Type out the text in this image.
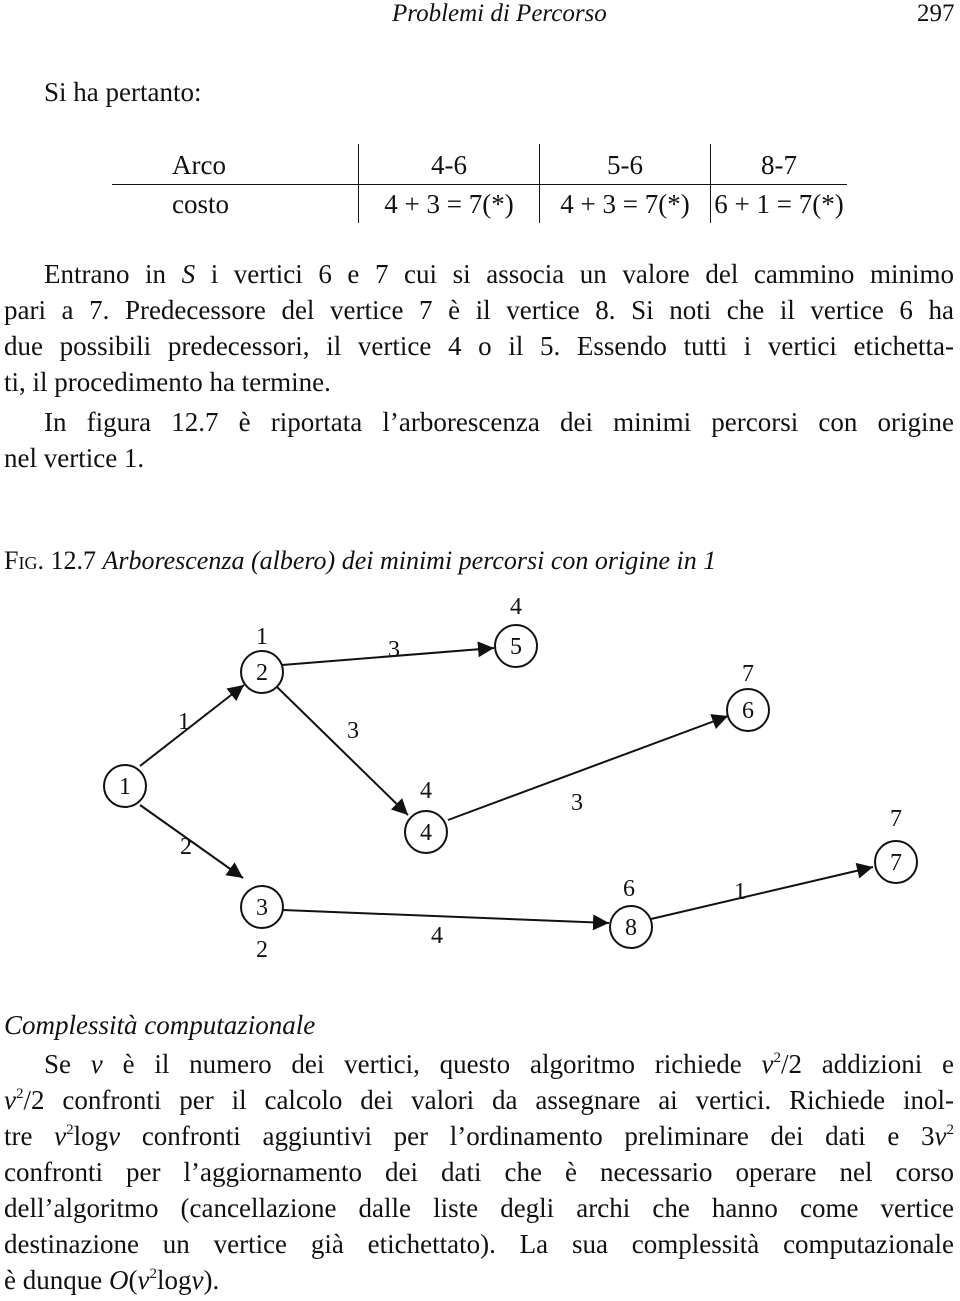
Problemi di Percorso	297
Si ha pertanto:
Arco	4-6	5-6	8-7
costo	4 + 3 = 7(*)	4 + 3 = 7(*)	6 + 1 = 7(*)
Entrano in S i vertici 6 e 7 cui si associa un valore del cammino minimo
pari a 7. Predecessore del vertice 7 è il vertice 8. Si noti che il vertice 6 ha
due possibili predecessori, il vertice 4 o il 5. Essendo tutti i vertici etichetta-
ti, il procedimento ha termine.
In figura 12.7 è riportata l’arborescenza dei minimi percorsi con origine
nel vertice 1.
Fig. 12.7 Arborescenza (albero) dei minimi percorsi con origine in 1
1
2
1
3
2
4
4
5
4
6
7
7
7
8
6
1
2
3
3
3
4
1
Complessità computazionale
Se v è il numero dei vertici, questo algoritmo richiede $v^2/2$ addizioni e
$v^2/2$ confronti per il calcolo dei valori da assegnare ai vertici. Richiede inol-
tre $v^2\log v$ confronti aggiuntivi per l’ordinamento preliminare dei dati e $3v^2$
confronti per l’aggiornamento dei dati che è necessario operare nel corso
dell’algoritmo (cancellazione dalle liste degli archi che hanno come vertice
destinazione un vertice già etichettato). La sua complessità computazionale
è dunque $O(v^2\log v)$.
